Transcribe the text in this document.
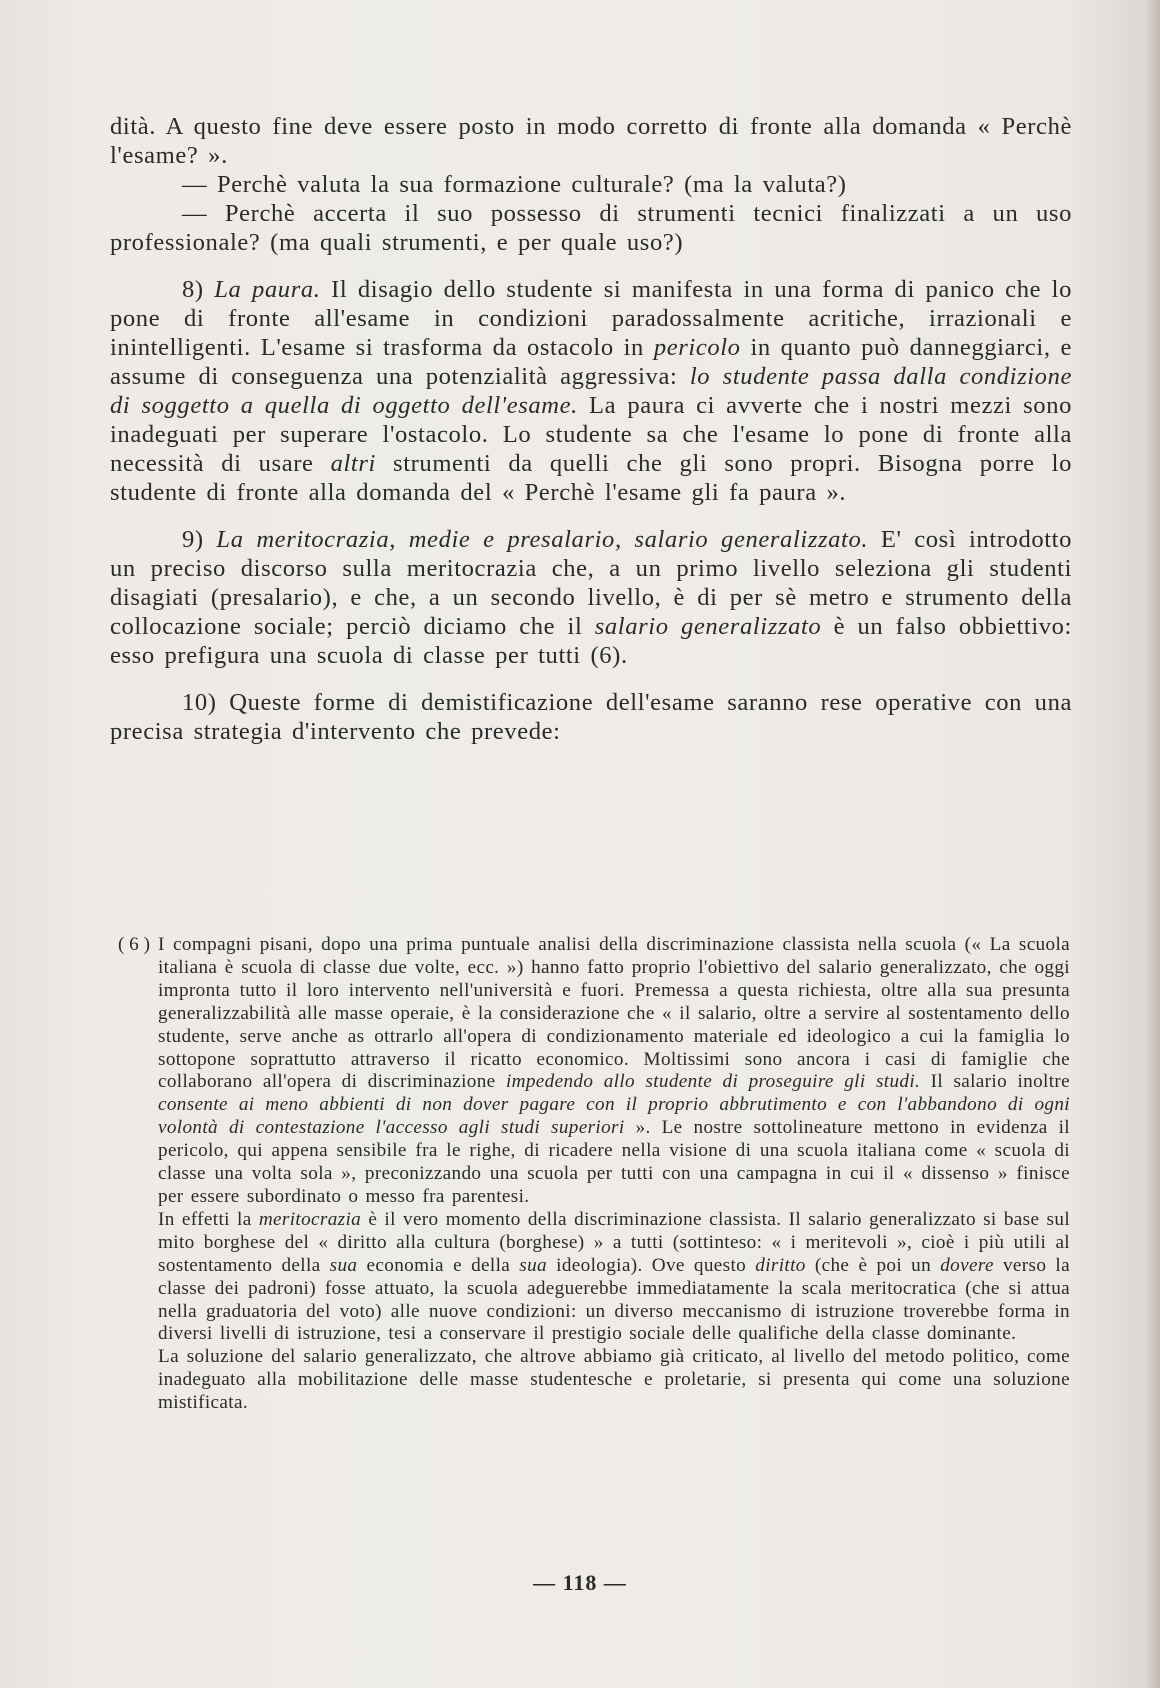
dità. A questo fine deve essere posto in modo corretto di fronte alla domanda « Perchè l'esame? ».

— Perchè valuta la sua formazione culturale? (ma la valuta?)

— Perchè accerta il suo possesso di strumenti tecnici finalizzati a un uso professionale? (ma quali strumenti, e per quale uso?)

8) La paura. Il disagio dello studente si manifesta in una forma di panico che lo pone di fronte all'esame in condizioni paradossalmente acritiche, irrazionali e inintelligenti. L'esame si trasforma da ostacolo in pericolo in quanto può danneggiarci, e assume di conseguenza una potenzialità aggressiva: lo studente passa dalla condizione di soggetto a quella di oggetto dell'esame. La paura ci avverte che i nostri mezzi sono inadeguati per superare l'ostacolo. Lo studente sa che l'esame lo pone di fronte alla necessità di usare altri strumenti da quelli che gli sono propri. Bisogna porre lo studente di fronte alla domanda del « Perchè l'esame gli fa paura ».

9) La meritocrazia, medie e presalario, salario generalizzato. E' così introdotto un preciso discorso sulla meritocrazia che, a un primo livello seleziona gli studenti disagiati (presalario), e che, a un secondo livello, è di per sè metro e strumento della collocazione sociale; perciò diciamo che il salario generalizzato è un falso obbiettivo: esso prefigura una scuola di classe per tutti (6).

10) Queste forme di demistificazione dell'esame saranno rese operative con una precisa strategia d'intervento che prevede:

( 6 ) I compagni pisani, dopo una prima puntuale analisi della discriminazione classista nella scuola (« La scuola italiana è scuola di classe due volte, ecc. ») hanno fatto proprio l'obiettivo del salario generalizzato, che oggi impronta tutto il loro intervento nell'università e fuori. Premessa a questa richiesta, oltre alla sua presunta generalizzabilità alle masse operaie, è la considerazione che « il salario, oltre a servire al sostentamento dello studente, serve anche as ottrarlo all'opera di condizionamento materiale ed ideologico a cui la famiglia lo sottopone soprattutto attraverso il ricatto economico. Moltissimi sono ancora i casi di famiglie che collaborano all'opera di discriminazione impedendo allo studente di proseguire gli studi. Il salario inoltre consente ai meno abbienti di non dover pagare con il proprio abbrutimento e con l'abbandono di ogni volontà di contestazione l'accesso agli studi superiori ». Le nostre sottolineature mettono in evidenza il pericolo, qui appena sensibile fra le righe, di ricadere nella visione di una scuola italiana come « scuola di classe una volta sola », preconizzando una scuola per tutti con una campagna in cui il « dissenso » finisce per essere subordinato o messo fra parentesi.

In effetti la meritocrazia è il vero momento della discriminazione classista. Il salario generalizzato si base sul mito borghese del « diritto alla cultura (borghese) » a tutti (sottinteso: « i meritevoli », cioè i più utili al sostentamento della sua economia e della sua ideologia). Ove questo diritto (che è poi un dovere verso la classe dei padroni) fosse attuato, la scuola adeguerebbe immediatamente la scala meritocratica (che si attua nella graduatoria del voto) alle nuove condizioni: un diverso meccanismo di istruzione troverebbe forma in diversi livelli di istruzione, tesi a conservare il prestigio sociale delle qualifiche della classe dominante.

La soluzione del salario generalizzato, che altrove abbiamo già criticato, al livello del metodo politico, come inadeguato alla mobilitazione delle masse studentesche e proletarie, si presenta qui come una soluzione mistificata.

— 118 —
